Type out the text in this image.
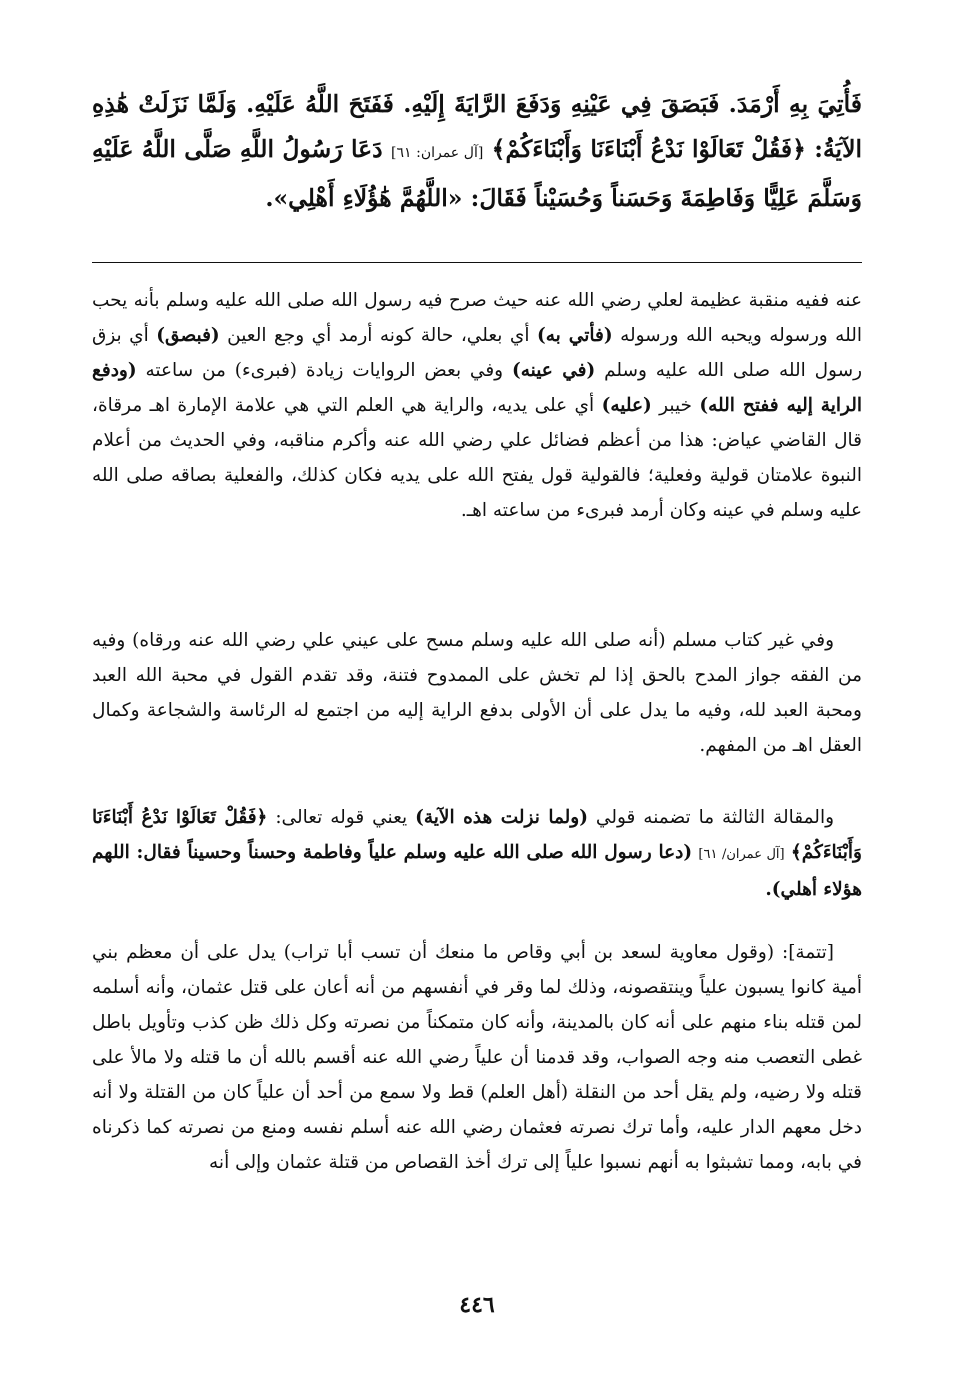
فَأُتِيَ بِهِ أَرْمَدَ. فَبَصَقَ فِي عَيْنِهِ وَدَفَعَ الرَّايَةَ إِلَيْهِ. فَفَتَحَ اللَّهُ عَلَيْهِ. وَلَمَّا نَزَلَتْ هَٰذِهِ الآيَةُ: ﴿فَقُلْ تَعَالَوْا نَدْعُ أَبْنَاءَنَا وَأَبْنَاءَكُمْ﴾ [آل عمران: ٦١] دَعَا رَسُولُ اللَّهِ صَلَّى اللَّهُ عَلَيْهِ وَسَلَّمَ عَلِيًّا وَفَاطِمَةَ وَحَسَناً وَحُسَيْناً فَقَالَ: «اللَّهُمَّ هَٰؤُلَاءِ أَهْلِي».

عنه ففيه منقبة عظيمة لعلي رضي الله عنه حيث صرح فيه رسول الله صلى الله عليه وسلم بأنه يحب الله ورسوله ويحبه الله ورسوله (فأتي به) أي بعلي، حالة كونه أرمد أي وجع العين (فبصق) أي بزق رسول الله صلى الله عليه وسلم (في عينه) وفي بعض الروايات زيادة (فبرىء) من ساعته (ودفع الراية إليه ففتح الله) خيبر (عليه) أي على يديه، والراية هي العلم التي هي علامة الإمارة اهـ مرقاة، قال القاضي عياض: هذا من أعظم فضائل علي رضي الله عنه وأكرم مناقبه، وفي الحديث من أعلام النبوة علامتان قولية وفعلية؛ فالقولية قول يفتح الله على يديه فكان كذلك، والفعلية بصاقه صلى الله عليه وسلم في عينه وكان أرمد فبرىء من ساعته اهـ.

وفي غير كتاب مسلم (أنه صلى الله عليه وسلم مسح على عيني علي رضي الله عنه ورقاه) وفيه من الفقه جواز المدح بالحق إذا لم تخش على الممدوح فتنة، وقد تقدم القول في محبة الله العبد ومحبة العبد لله، وفيه ما يدل على أن الأولى بدفع الراية إليه من اجتمع له الرئاسة والشجاعة وكمال العقل اهـ من المفهم.

والمقالة الثالثة ما تضمنه قولي (ولما نزلت هذه الآية) يعني قوله تعالى: ﴿فَقُلْ تَعَالَوْا نَدْعُ أَبْنَاءَنَا وَأَبْنَاءَكُمْ﴾ [آل عمران/ ٦١] (دعا رسول الله صلى الله عليه وسلم علياً وفاطمة وحسناً وحسيناً فقال: اللهم هؤلاء أهلي).

[تتمة]: (وقول معاوية لسعد بن أبي وقاص ما منعك أن تسب أبا تراب) يدل على أن معظم بني أمية كانوا يسبون علياً وينتقصونه، وذلك لما وقر في أنفسهم من أنه أعان على قتل عثمان، وأنه أسلمه لمن قتله بناء منهم على أنه كان بالمدينة، وأنه كان متمكناً من نصرته وكل ذلك ظن كذب وتأويل باطل غطى التعصب منه وجه الصواب، وقد قدمنا أن علياً رضي الله عنه أقسم بالله أن ما قتله ولا مالأ على قتله ولا رضيه، ولم يقل أحد من النقلة (أهل العلم) قط ولا سمع من أحد أن علياً كان من القتلة ولا أنه دخل معهم الدار عليه، وأما ترك نصرته فعثمان رضي الله عنه أسلم نفسه ومنع من نصرته كما ذكرناه في بابه، ومما تشبثوا به أنهم نسبوا علياً إلى ترك أخذ القصاص من قتلة عثمان وإلى أنه

٤٤٦
